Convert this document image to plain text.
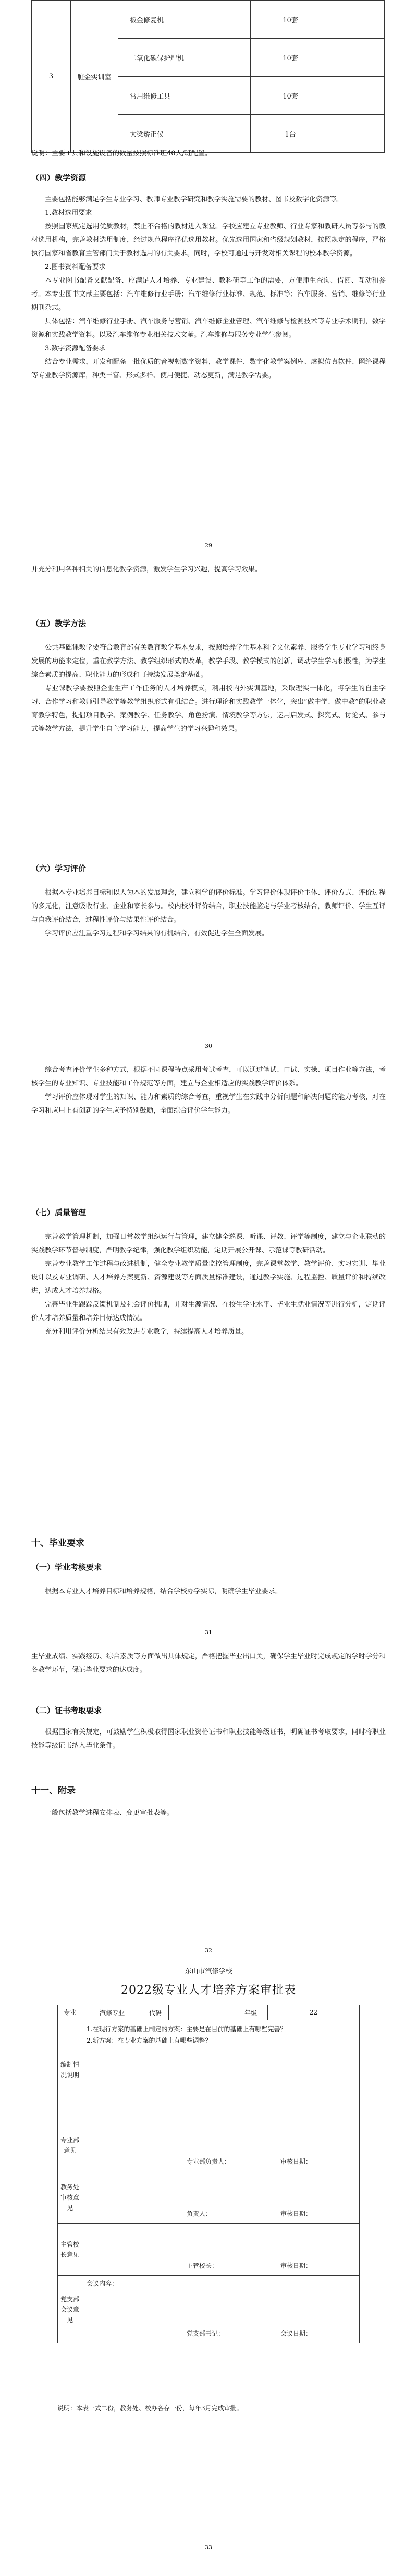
3	脏金实训室	板金修复机	10套	
		二氧化碳保护焊机	10套	
		常用维修工具	10套	
		大梁矫正仪	1台	

说明：主要工具和设施设备的数量按照标准班40人/班配置。

（四）教学资源

主要包括能够满足学生专业学习、教师专业教学研究和教学实施需要的教材、图书及数字化资源等。

1.教材选用要求

按照国家规定选用优质教材，禁止不合格的教材进入课堂。学校应建立专业教师、行业专家和教研人员等参与的教材选用机构，完善教材选用制度，经过规范程序择优选用教材。优先选用国家和省级规划教材，按照规定的程序，严格执行国家和省教育主管部门关于教材选用的有关要求。同时，学校可通过与开发对相关课程的校本教学资源。

2.图书资料配备要求

本专业图书配备文献配备、应满足人才培养、专业建设、教科研等工作的需要，方便师生查询、借阅、互动和参考。本专业图书文献主要包括：汽车维修行业手册；汽车维修行业标准、规范、标准等；汽车服务、营销、维修等行业期刊杂志。

具体包括：汽车维修行业手册、汽车服务与营销、汽车维修企业管理、汽车维修与检测技术等专业学术期刊，数字资源和实践教学资料。以及汽车维修专业相关技术文献。汽车维修与服务专业学生参阅。

3.数字资源配备要求

结合专业需求，开发和配备一批优质的音视频数字资料，教学课件、数字化教学案例库、虚拟仿真软件、网络课程等专业教学资源库，种类丰富、形式多样、使用便捷、动态更新，满足教学需要。

29

并充分利用各种相关的信息化教学资源，激发学生学习兴趣，提高学习效果。

（五）教学方法

公共基础课教学要符合教育部有关教育教学基本要求，按照培养学生基本科学文化素养、服务学生专业学习和终身发展的功能来定位，重在教学方法、教学组织形式的改革，教学手段、教学模式的创新，调动学生学习积极性，为学生综合素质的提高、职业能力的形成和可持续发展奠定基础。

专业课教学要按照企业生产工作任务的人才培养模式，利用校内外实训基地，采取理实一体化，将学生的自主学习、合作学习和教师引导教学等教学组织形式有机结合。进行理论和实践教学一体化，突出“做中学、做中教”的职业教育教学特色，提倡项目教学、案例教学、任务教学、角色扮演、情境教学等方法，运用启发式、探究式、讨论式、参与式等教学方法，提升学生自主学习能力，提高学生的学习兴趣和效果。

（六）学习评价

根据本专业培养目标和以人为本的发展理念，建立科学的评价标准。学习评价体现评价主体、评价方式、评价过程的多元化，注意吸收行业、企业和家长参与。校内校外评价结合，职业技能鉴定与学业考核结合，教师评价、学生互评与自我评价结合，过程性评价与结果性评价结合。

学习评价应注重学习过程和学习结果的有机结合，有效促进学生全面发展。

30

综合考查评价学生多种方式，根据不同课程特点采用考试考查，可以通过笔试、口试、实操、项目作业等方法，考核学生的专业知识、专业技能和工作规范等方面，建立与企业相适应的实践教学评价体系。

学习评价应体现对学生的知识、能力和素质的综合考查，重视学生在实践中分析问题和解决问题的能力考核，对在学习和应用上有创新的学生应予特别鼓励，全面综合评价学生能力。

（七）质量管理

完善教学管理机制，加强日常教学组织运行与管理，建立健全巡课、听课、评教、评学等制度，建立与企业联动的实践教学环节督导制度，严明教学纪律，强化教学组织功能，定期开展公开课、示范课等教研活动。

完善专业教学工作过程与改进机制，健全专业教学质量监控管理制度，完善课堂教学、教学评价、实习实训、毕业设计以及专业调研、人才培养方案更新、资源建设等方面质量标准建设，通过教学实施、过程监控、质量评价和持续改进，达成人才培养规格。

完善毕业生跟踪反馈机制及社会评价机制，并对生源情况、在校生学业水平、毕业生就业情况等进行分析，定期评价人才培养质量和培养目标达成情况。

充分利用评价分析结果有效改进专业教学，持续提高人才培养质量。

十、毕业要求
（一）学业考核要求

根据本专业人才培养目标和培养规格，结合学校办学实际，明确学生毕业要求。

31

生毕业成绩、实践经历、综合素质等方面做出具体规定，严格把握毕业出口关，确保学生毕业时完成规定的学时学分和各教学环节，保证毕业要求的达成度。

（二）证书考取要求

根据国家有关规定，可鼓励学生积极取得国家职业资格证书和职业技能等级证书，明确证书考取要求，同时将职业技能等级证书纳入毕业条件。

十一、附录

一般包括教学进程安排表、变更审批表等。

32
东山市汽修学校
2022级专业人才培养方案审批表
专业	汽修专业	代码		年级	22
编制情况说明	1.在现行方案的基础上制定的方案：主要是在目前的基础上有哪些完善？
2.新方案：在专业方案的基础上有哪些调整？				

专业部意见	专业部负责人： 审核日期：				

教务处审核意见	负责人： 审核日期：				

主管校长意见	主管校长： 审核日期：				

党支部会议意见	会议内容：
党支部书记： 会议日期：				
说明：本表一式二份，教务处、校办各存一份，每年3月完成审批。
33
